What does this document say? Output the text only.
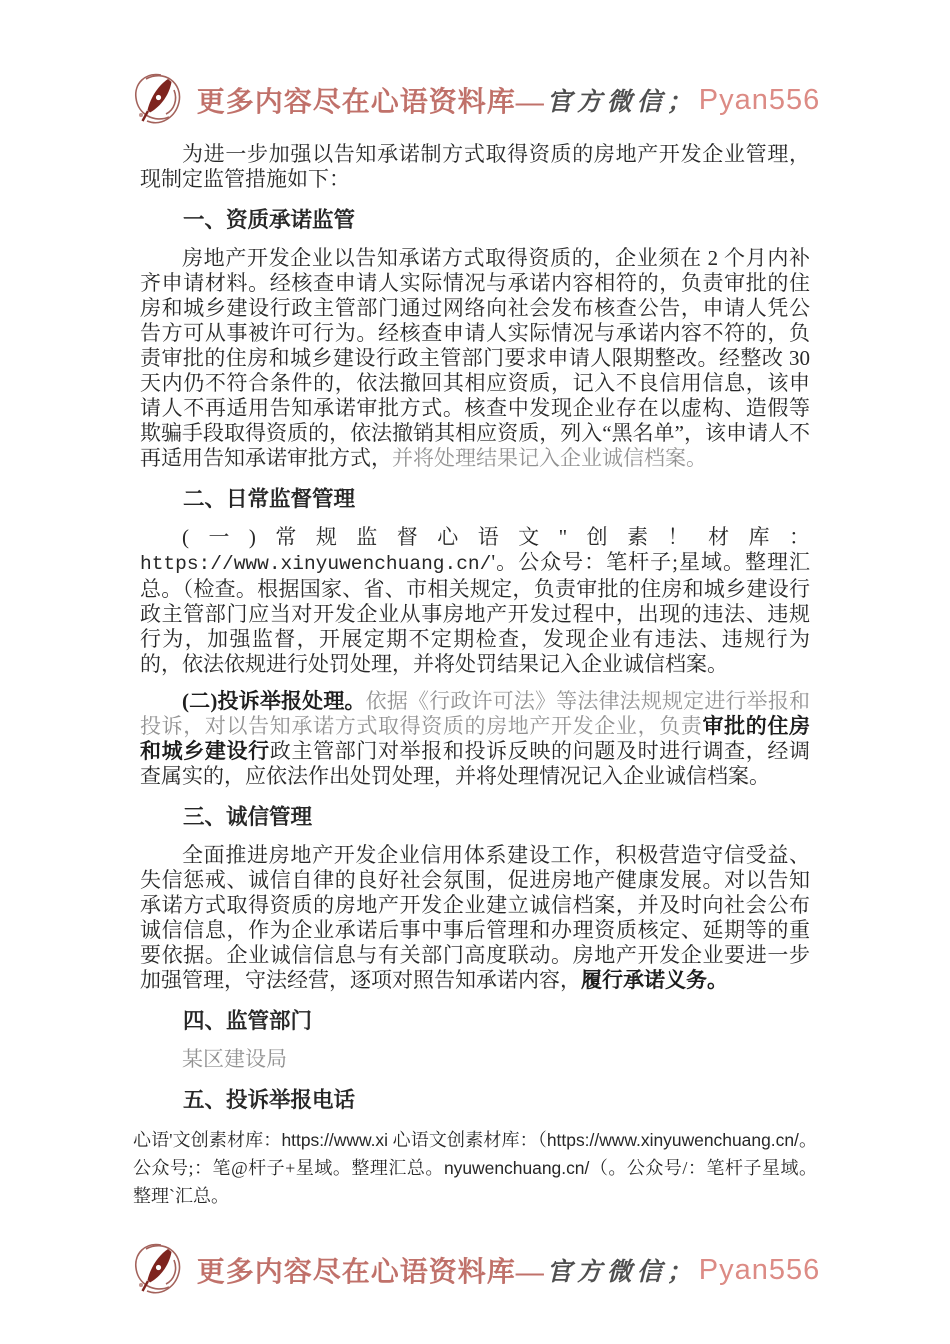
更多内容尽在心语资料库— 官方微信； Pyan556
为进一步加强以告知承诺制方式取得资质的房地产开发企业管理，现制定监管措施如下：
一、资质承诺监管
房地产开发企业以告知承诺方式取得资质的，企业须在 2 个月内补齐申请材料。经核查申请人实际情况与承诺内容相符的，负责审批的住房和城乡建设行政主管部门通过网络向社会发布核查公告，申请人凭公告方可从事被许可行为。经核查申请人实际情况与承诺内容不符的，负责审批的住房和城乡建设行政主管部门要求申请人限期整改。经整改 30 天内仍不符合条件的，依法撤回其相应资质，记入不良信用信息，该申请人不再适用告知承诺审批方式。核查中发现企业存在以虚构、造假等欺骗手段取得资质的，依法撤销其相应资质，列入“黑名单”，该申请人不再适用告知承诺审批方式，并将处理结果记入企业诚信档案。
二、日常监督管理
(一)常规监督心语文"创素！材库：https://www.xinyuwenchuang.cn/'。公众号：笔杆子;星域。整理汇总。（检查。根据国家、省、市相关规定，负责审批的住房和城乡建设行政主管部门应当对开发企业从事房地产开发过程中，出现的违法、违规行为，加强监督，开展定期不定期检查，发现企业有违法、违规行为的，依法依规进行处罚处理，并将处罚结果记入企业诚信档案。
(二)投诉举报处理。依据《行政许可法》等法律法规规定进行举报和投诉，对以告知承诺方式取得资质的房地产开发企业，负责审批的住房和城乡建设行政主管部门对举报和投诉反映的问题及时进行调查，经调查属实的，应依法作出处罚处理，并将处理情况记入企业诚信档案。
三、诚信管理
全面推进房地产开发企业信用体系建设工作，积极营造守信受益、失信惩戒、诚信自律的良好社会氛围，促进房地产健康发展。对以告知承诺方式取得资质的房地产开发企业建立诚信档案，并及时向社会公布诚信信息，作为企业承诺后事中事后管理和办理资质核定、延期等的重要依据。企业诚信信息与有关部门高度联动。房地产开发企业要进一步加强管理，守法经营，逐项对照告知承诺内容，履行承诺义务。
四、监管部门
某区建设局
五、投诉举报电话
心语'文创素材库：https://www.xi 心语文创素材库：（https://www.xinyuwenchuang.cn/。公众号;：笔@杆子+星域。整理汇总。nyuwenchuang.cn/（。公众号/：笔杆子星域。整理`汇总。
更多内容尽在心语资料库— 官方微信； Pyan556
